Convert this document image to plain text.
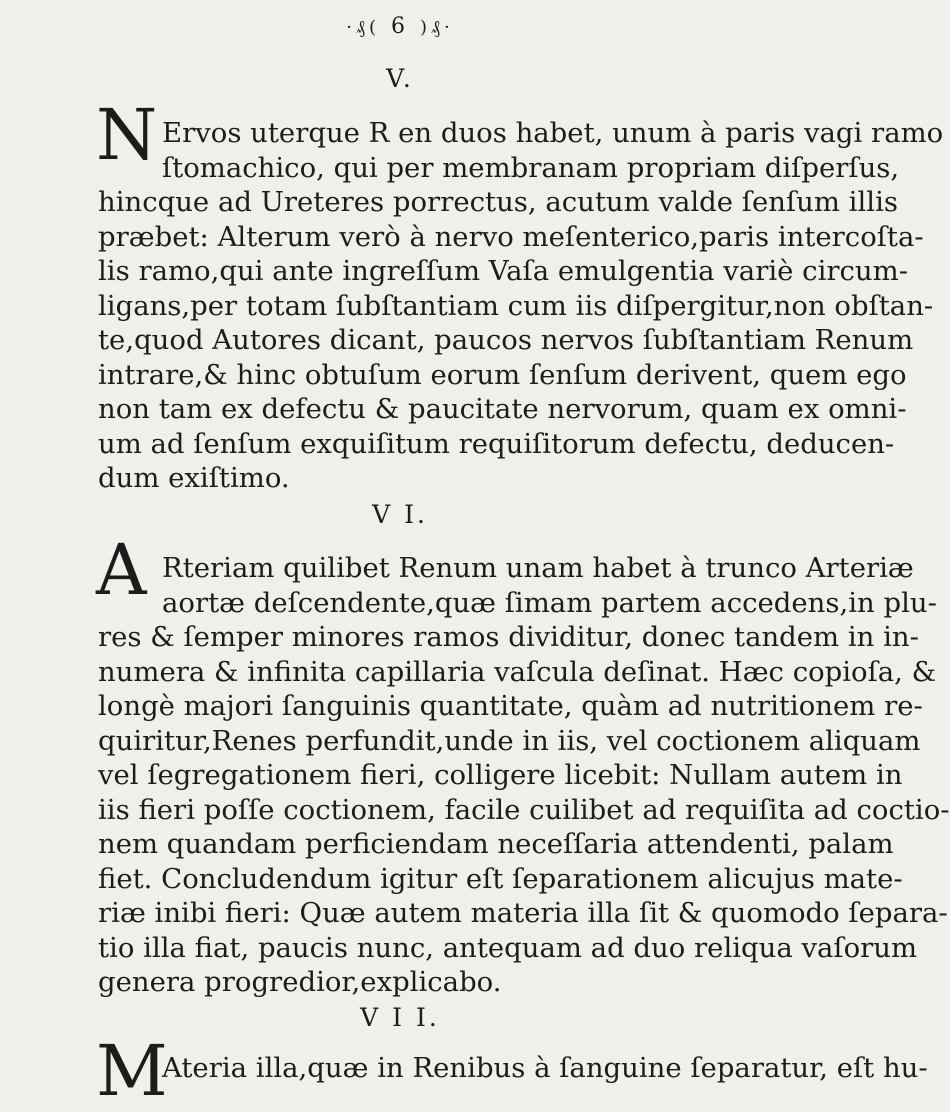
·₰( 6 )₰·
V.
N Ervos uterque R en duos habet, unum à paris vagi ramo
ſtomachico, qui per membranam propriam diſperſus,
hincque ad Ureteres porrectus, acutum valde ſenſum illis
præbet: Alterum verò à nervo meſenterico,paris intercoſta-
lis ramo,qui ante ingreſſum Vaſa emulgentia variè circum-
ligans,per totam ſubſtantiam cum iis diſpergitur,non obſtan-
te,quod Autores dicant, paucos nervos ſubſtantiam Renum
intrare,& hinc obtuſum eorum ſenſum derivent, quem ego
non tam ex defectu & paucitate nervorum, quam ex omni-
um ad ſenſum exquiſitum requiſitorum defectu, deducen-
dum exiſtimo.
V I.
A Rteriam quilibet Renum unam habet à trunco Arteriæ
aortæ deſcendente,quæ ſimam partem accedens,in plu-
res & ſemper minores ramos dividitur, donec tandem in in-
numera & infinita capillaria vaſcula deſinat. Hæc copioſa, &
longè majori ſanguinis quantitate, quàm ad nutritionem re-
quiritur,Renes perfundit,unde in iis, vel coctionem aliquam
vel ſegregationem fieri, colligere licebit: Nullam autem in
iis fieri poſſe coctionem, facile cuilibet ad requiſita ad coctio-
nem quandam perficiendam neceſſaria attendenti, palam
fiet. Concludendum igitur eſt ſeparationem alicujus mate-
riæ inibi fieri: Quæ autem materia illa ſit & quomodo ſepara-
tio illa fiat, paucis nunc, antequam ad duo reliqua vaſorum
genera progredior,explicabo.
V I I.
M
Ateria illa,quæ in Renibus à ſanguine ſeparatur, eſt hu-
